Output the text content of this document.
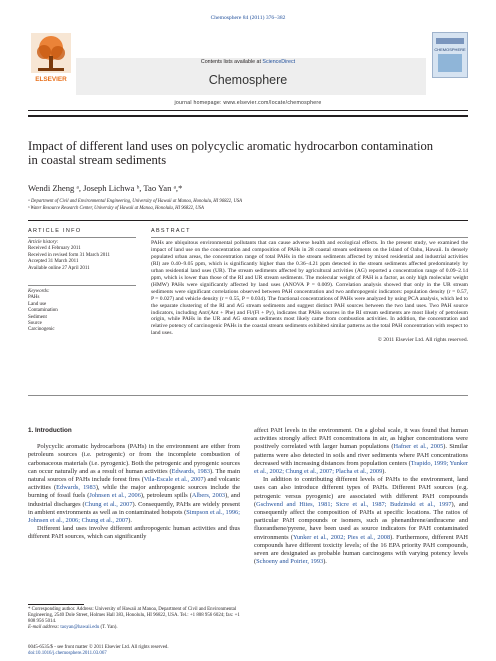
Chemosphere 84 (2011) 376–382
ELSEVIER
CHEMOSPHERE
Contents lists available at ScienceDirect
Chemosphere
journal homepage: www.elsevier.com/locate/chemosphere
Impact of different land uses on polycyclic aromatic hydrocarbon contamination
in coastal stream sediments
Wendi Zheng ᵃ, Joseph Lichwa ᵇ, Tao Yan ᵃ,*
ᵃ Department of Civil and Environmental Engineering, University of Hawaii at Manoa, Honolulu, HI 96822, USA
ᵇ Water Resource Research Center, University of Hawaii at Manoa, Honolulu, HI 96822, USA
ARTICLE INFO	ABSTRACT
Article history:
Received 4 February 2011
Received in revised form 31 March 2011
Accepted 31 March 2011
Available online 27 April 2011
Keywords:
PAHs
Land use
Contamination
Sediment
Source
Carcinogenic
PAHs are ubiquitous environmental pollutants that can cause adverse health and ecological effects. In the present study, we examined the impact of land use on the concentration and composition of PAHs in 28 coastal stream sediments on the Island of Oahu, Hawaii. In densely populated urban areas, the concentration range of total PAHs in the stream sediments affected by mixed residential and industrial activities (RI) are 0.40–9.05 ppm, which is significantly higher than the 0.36–4.21 ppm detected in the stream sediments affected predominately by urban residential land uses (UR). The stream sediments affected by agricultural activities (AG) reported a concentration range of 0.09–2.14 ppm, which is lower than those of the RI and UR stream sediments. The molecular weight of PAH is a factor, as only high molecular weight (HMW) PAHs were significantly affected by land uses (ANOVA P = 0.009). Correlation analysis showed that only in the UR stream sediments were significant correlations observed between PAH concentration and two anthropogenic indicators: population density (r = 0.57, P = 0.027) and vehicle density (r = 0.55, P = 0.034). The fractional concentrations of PAHs were analyzed by using PCA analysis, which led to the separate clustering of the RI and AG stream sediments and suggest distinct PAH sources between the two land uses. Two PAH source indicators, including Ant/(Ant + Phe) and Fl/(Fl + Py), indicates that PAHs sources in the RI stream sediments are most likely of petroleum origin, while PAHs in the UR and AG stream sediments most likely came from combustion activities. In addition, the concentration and relative potency of carcinogenic PAHs in the coastal stream sediments exhibited similar patterns as the total PAH concentration with respect to land uses.
© 2011 Elsevier Ltd. All rights reserved.
1. Introduction

Polycyclic aromatic hydrocarbons (PAHs) in the environment are either from petroleum sources (i.e. petrogenic) or from the incomplete combustion of carbonaceous materials (i.e. pyrogenic). Both the petrogenic and pyrogenic sources can occur naturally and as a result of human activities (Edwards, 1983). The main natural sources of PAHs include forest fires (Vila-Escale et al., 2007) and volcanic activities (Edwards, 1983), while the major anthropogenic sources include the burning of fossil fuels (Johnsen et al., 2006), petroleum spills (Albers, 2003), and industrial discharges (Chung et al., 2007). Consequently, PAHs are widely present in ambient environments as well as in contaminated hotspots (Simpson et al., 1996; Johnsen et al., 2006; Chung et al., 2007).

Different land uses involve different anthropogenic human activities and thus different PAH sources, which can significantly

affect PAH levels in the environment. On a global scale, it was found that human activities strongly affect PAH concentrations in air, as higher concentrations were positively correlated with larger human populations (Hafner et al., 2005). Similar patterns were also detected in soils and river sediments where PAH concentrations decreased with increasing distances from population centers (Trapido, 1999; Yunker et al., 2002; Chung et al., 2007; Placha et al., 2009).

In addition to contributing different levels of PAHs to the environment, land uses can also introduce different types of PAHs. Different PAH sources (e.g. petrogenic versus pyrogenic) are associated with different PAH compounds (Gschwend and Hites, 1981; Sicre et al., 1987; Budzinski et al., 1997), and consequently affect the composition of PAHs at specific locations. The ratios of particular PAH compounds or isomers, such as phenanthrene/anthracene and fluoranthene/pyrene, have been used as source indicators for PAH contaminated environments (Yunker et al., 2002; Pies et al., 2008). Furthermore, different PAH compounds have different toxicity levels; of the 16 EPA priority PAH compounds, seven are designated as probable human carcinogens with varying potency levels (Schoeny and Poirier, 1993).

* Corresponding author. Address: University of Hawaii at Manoa, Department of Civil and Environmental Engineering, 2540 Dole Street, Holmes Hall 383, Honolulu, HI 96822, USA. Tel.: +1 808 956 6024; fax: +1 808 956 5014.
E-mail address: taoyan@hawaii.edu (T. Yan).
0045-6535/$ - see front matter © 2011 Elsevier Ltd. All rights reserved.
doi:10.1016/j.chemosphere.2011.03.067
